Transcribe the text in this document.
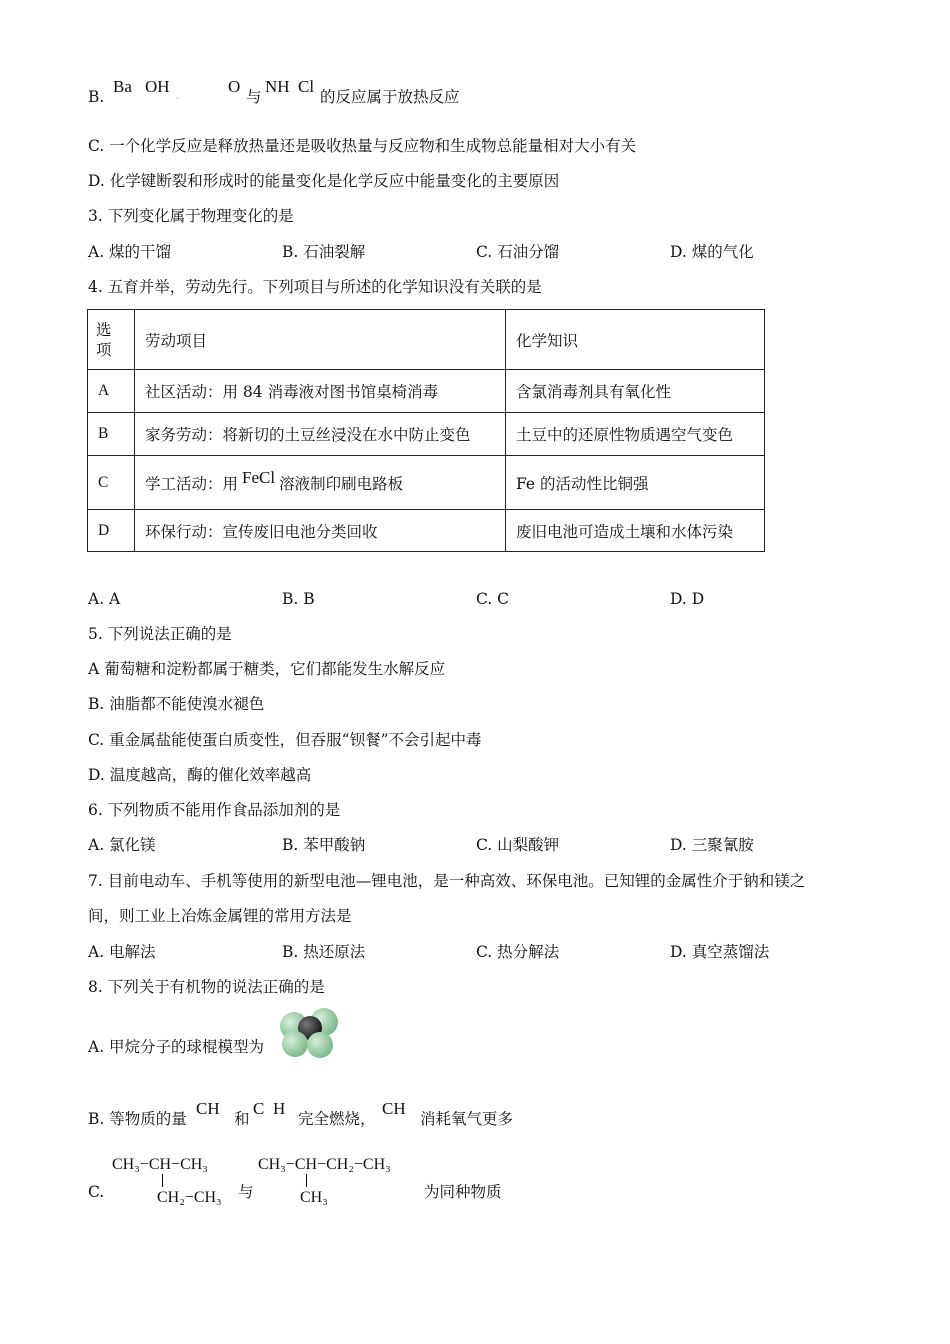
B.
Ba OH
·
O
与
NH Cl
的反应属于放热反应
C. 一个化学反应是释放热量还是吸收热量与反应物和生成物总能量相对大小有关
D. 化学键断裂和形成时的能量变化是化学反应中能量变化的主要原因
3. 下列变化属于物理变化的是
A. 煤的干馏	B. 石油裂解	C. 石油分馏	D. 煤的气化
4. 五育并举，劳动先行。下列项目与所述的化学知识没有关联的是
选
项	劳动项目	化学知识
A	社区活动：用 84 消毒液对图书馆桌椅消毒	含氯消毒剂具有氧化性
B	家务劳动：将新切的土豆丝浸没在水中防止变色	土豆中的还原性物质遇空气变色
C	学工活动：用 FeCl 溶液制印刷电路板	Fe 的活动性比铜强
D	环保行动：宣传废旧电池分类回收	废旧电池可造成土壤和水体污染
A. A	B. B	C. C	D. D
5. 下列说法正确的是
A 葡萄糖和淀粉都属于糖类，它们都能发生水解反应
B. 油脂都不能使溴水褪色
C. 重金属盐能使蛋白质变性，但吞服“钡餐”不会引起中毒
D. 温度越高，酶的催化效率越高
6. 下列物质不能用作食品添加剂的是
A. 氯化镁	B. 苯甲酸钠	C. 山梨酸钾	D. 三聚氰胺
7. 目前电动车、手机等使用的新型电池—锂电池，是一种高效、环保电池。已知锂的金属性介于钠和镁之
间，则工业上冶炼金属锂的常用方法是
A. 电解法	B. 热还原法	C. 热分解法	D. 真空蒸馏法
8. 下列关于有机物的说法正确的是
A. 甲烷分子的球棍模型为
B. 等物质的量
CH
和
C H
完全燃烧，
CH
消耗氧气更多
C.
CH₃−CH−CH₃
CH₂−CH₃ 与
CH₃−CH−CH₂−CH₃
CH₃	为同种物质
